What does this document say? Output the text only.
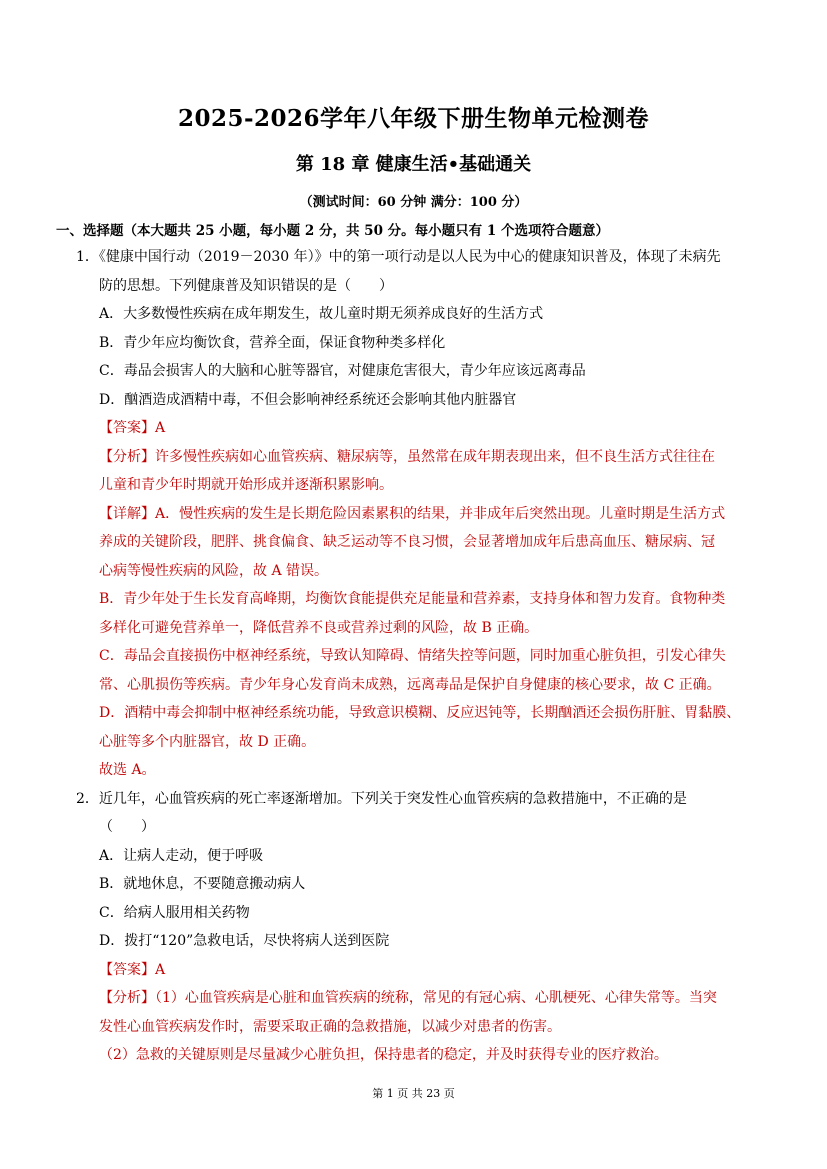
2025-2026学年八年级下册生物单元检测卷
第 18 章 健康生活•基础通关
（测试时间：60 分钟 满分：100 分）
一、选择题（本大题共 25 小题，每小题 2 分，共 50 分。每小题只有 1 个选项符合题意）
1．《健康中国行动（2019－2030 年）》中的第一项行动是以人民为中心的健康知识普及，体现了未病先
防的思想。下列健康普及知识错误的是（　　）
A．大多数慢性疾病在成年期发生，故儿童时期无须养成良好的生活方式
B．青少年应均衡饮食，营养全面，保证食物种类多样化
C．毒品会损害人的大脑和心脏等器官，对健康危害很大，青少年应该远离毒品
D．酗酒造成酒精中毒，不但会影响神经系统还会影响其他内脏器官
【答案】A
【分析】许多慢性疾病如心血管疾病、糖尿病等，虽然常在成年期表现出来，但不良生活方式往往在
儿童和青少年时期就开始形成并逐渐积累影响。
【详解】A．慢性疾病的发生是长期危险因素累积的结果，并非成年后突然出现。儿童时期是生活方式
养成的关键阶段，肥胖、挑食偏食、缺乏运动等不良习惯，会显著增加成年后患高血压、糖尿病、冠
心病等慢性疾病的风险，故 A 错误。
B．青少年处于生长发育高峰期，均衡饮食能提供充足能量和营养素，支持身体和智力发育。食物种类
多样化可避免营养单一，降低营养不良或营养过剩的风险，故 B 正确。
C．毒品会直接损伤中枢神经系统，导致认知障碍、情绪失控等问题，同时加重心脏负担，引发心律失
常、心肌损伤等疾病。青少年身心发育尚未成熟，远离毒品是保护自身健康的核心要求，故 C 正确。
D．酒精中毒会抑制中枢神经系统功能，导致意识模糊、反应迟钝等，长期酗酒还会损伤肝脏、胃黏膜、
心脏等多个内脏器官，故 D 正确。
故选 A。
2．近几年，心血管疾病的死亡率逐渐增加。下列关于突发性心血管疾病的急救措施中，不正确的是
（　　）
A．让病人走动，便于呼吸
B．就地休息，不要随意搬动病人
C．给病人服用相关药物
D．拨打“120”急救电话，尽快将病人送到医院
【答案】A
【分析】（1）心血管疾病是心脏和血管疾病的统称，常见的有冠心病、心肌梗死、心律失常等。当突
发性心血管疾病发作时，需要采取正确的急救措施，以减少对患者的伤害。
（2）急救的关键原则是尽量减少心脏负担，保持患者的稳定，并及时获得专业的医疗救治。
第 1 页 共 23 页
